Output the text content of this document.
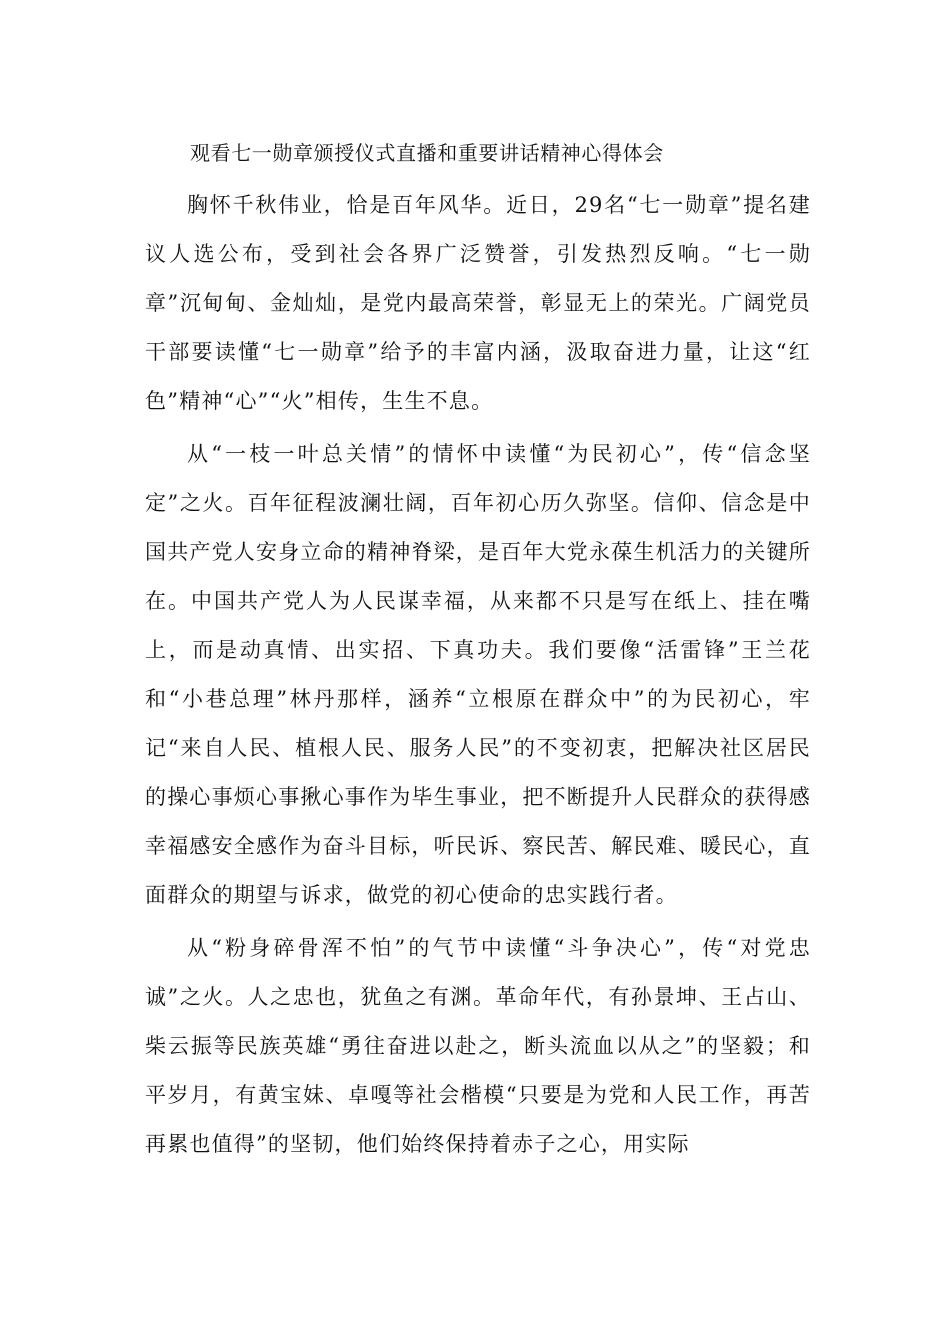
观看七一勋章颁授仪式直播和重要讲话精神心得体会

胸怀千秋伟业，恰是百年风华。近日，29名“七一勋章”提名建议人选公布，受到社会各界广泛赞誉，引发热烈反响。“七一勋章”沉甸甸、金灿灿，是党内最高荣誉，彰显无上的荣光。广阔党员干部要读懂“七一勋章”给予的丰富内涵，汲取奋进力量，让这“红色”精神“心”“火”相传，生生不息。

从“一枝一叶总关情”的情怀中读懂“为民初心”，传“信念坚定”之火。百年征程波澜壮阔，百年初心历久弥坚。信仰、信念是中国共产党人安身立命的精神脊梁，是百年大党永葆生机活力的关键所在。中国共产党人为人民谋幸福，从来都不只是写在纸上、挂在嘴上，而是动真情、出实招、下真功夫。我们要像“活雷锋”王兰花和“小巷总理”林丹那样，涵养“立根原在群众中”的为民初心，牢记“来自人民、植根人民、服务人民”的不变初衷，把解决社区居民的操心事烦心事揪心事作为毕生事业，把不断提升人民群众的获得感幸福感安全感作为奋斗目标，听民诉、察民苦、解民难、暖民心，直面群众的期望与诉求，做党的初心使命的忠实践行者。

从“粉身碎骨浑不怕”的气节中读懂“斗争决心”，传“对党忠诚”之火。人之忠也，犹鱼之有渊。革命年代，有孙景坤、王占山、柴云振等民族英雄“勇往奋进以赴之，断头流血以从之”的坚毅；和平岁月，有黄宝妹、卓嘎等社会楷模“只要是为党和人民工作，再苦再累也值得”的坚韧，他们始终保持着赤子之心，用实际
